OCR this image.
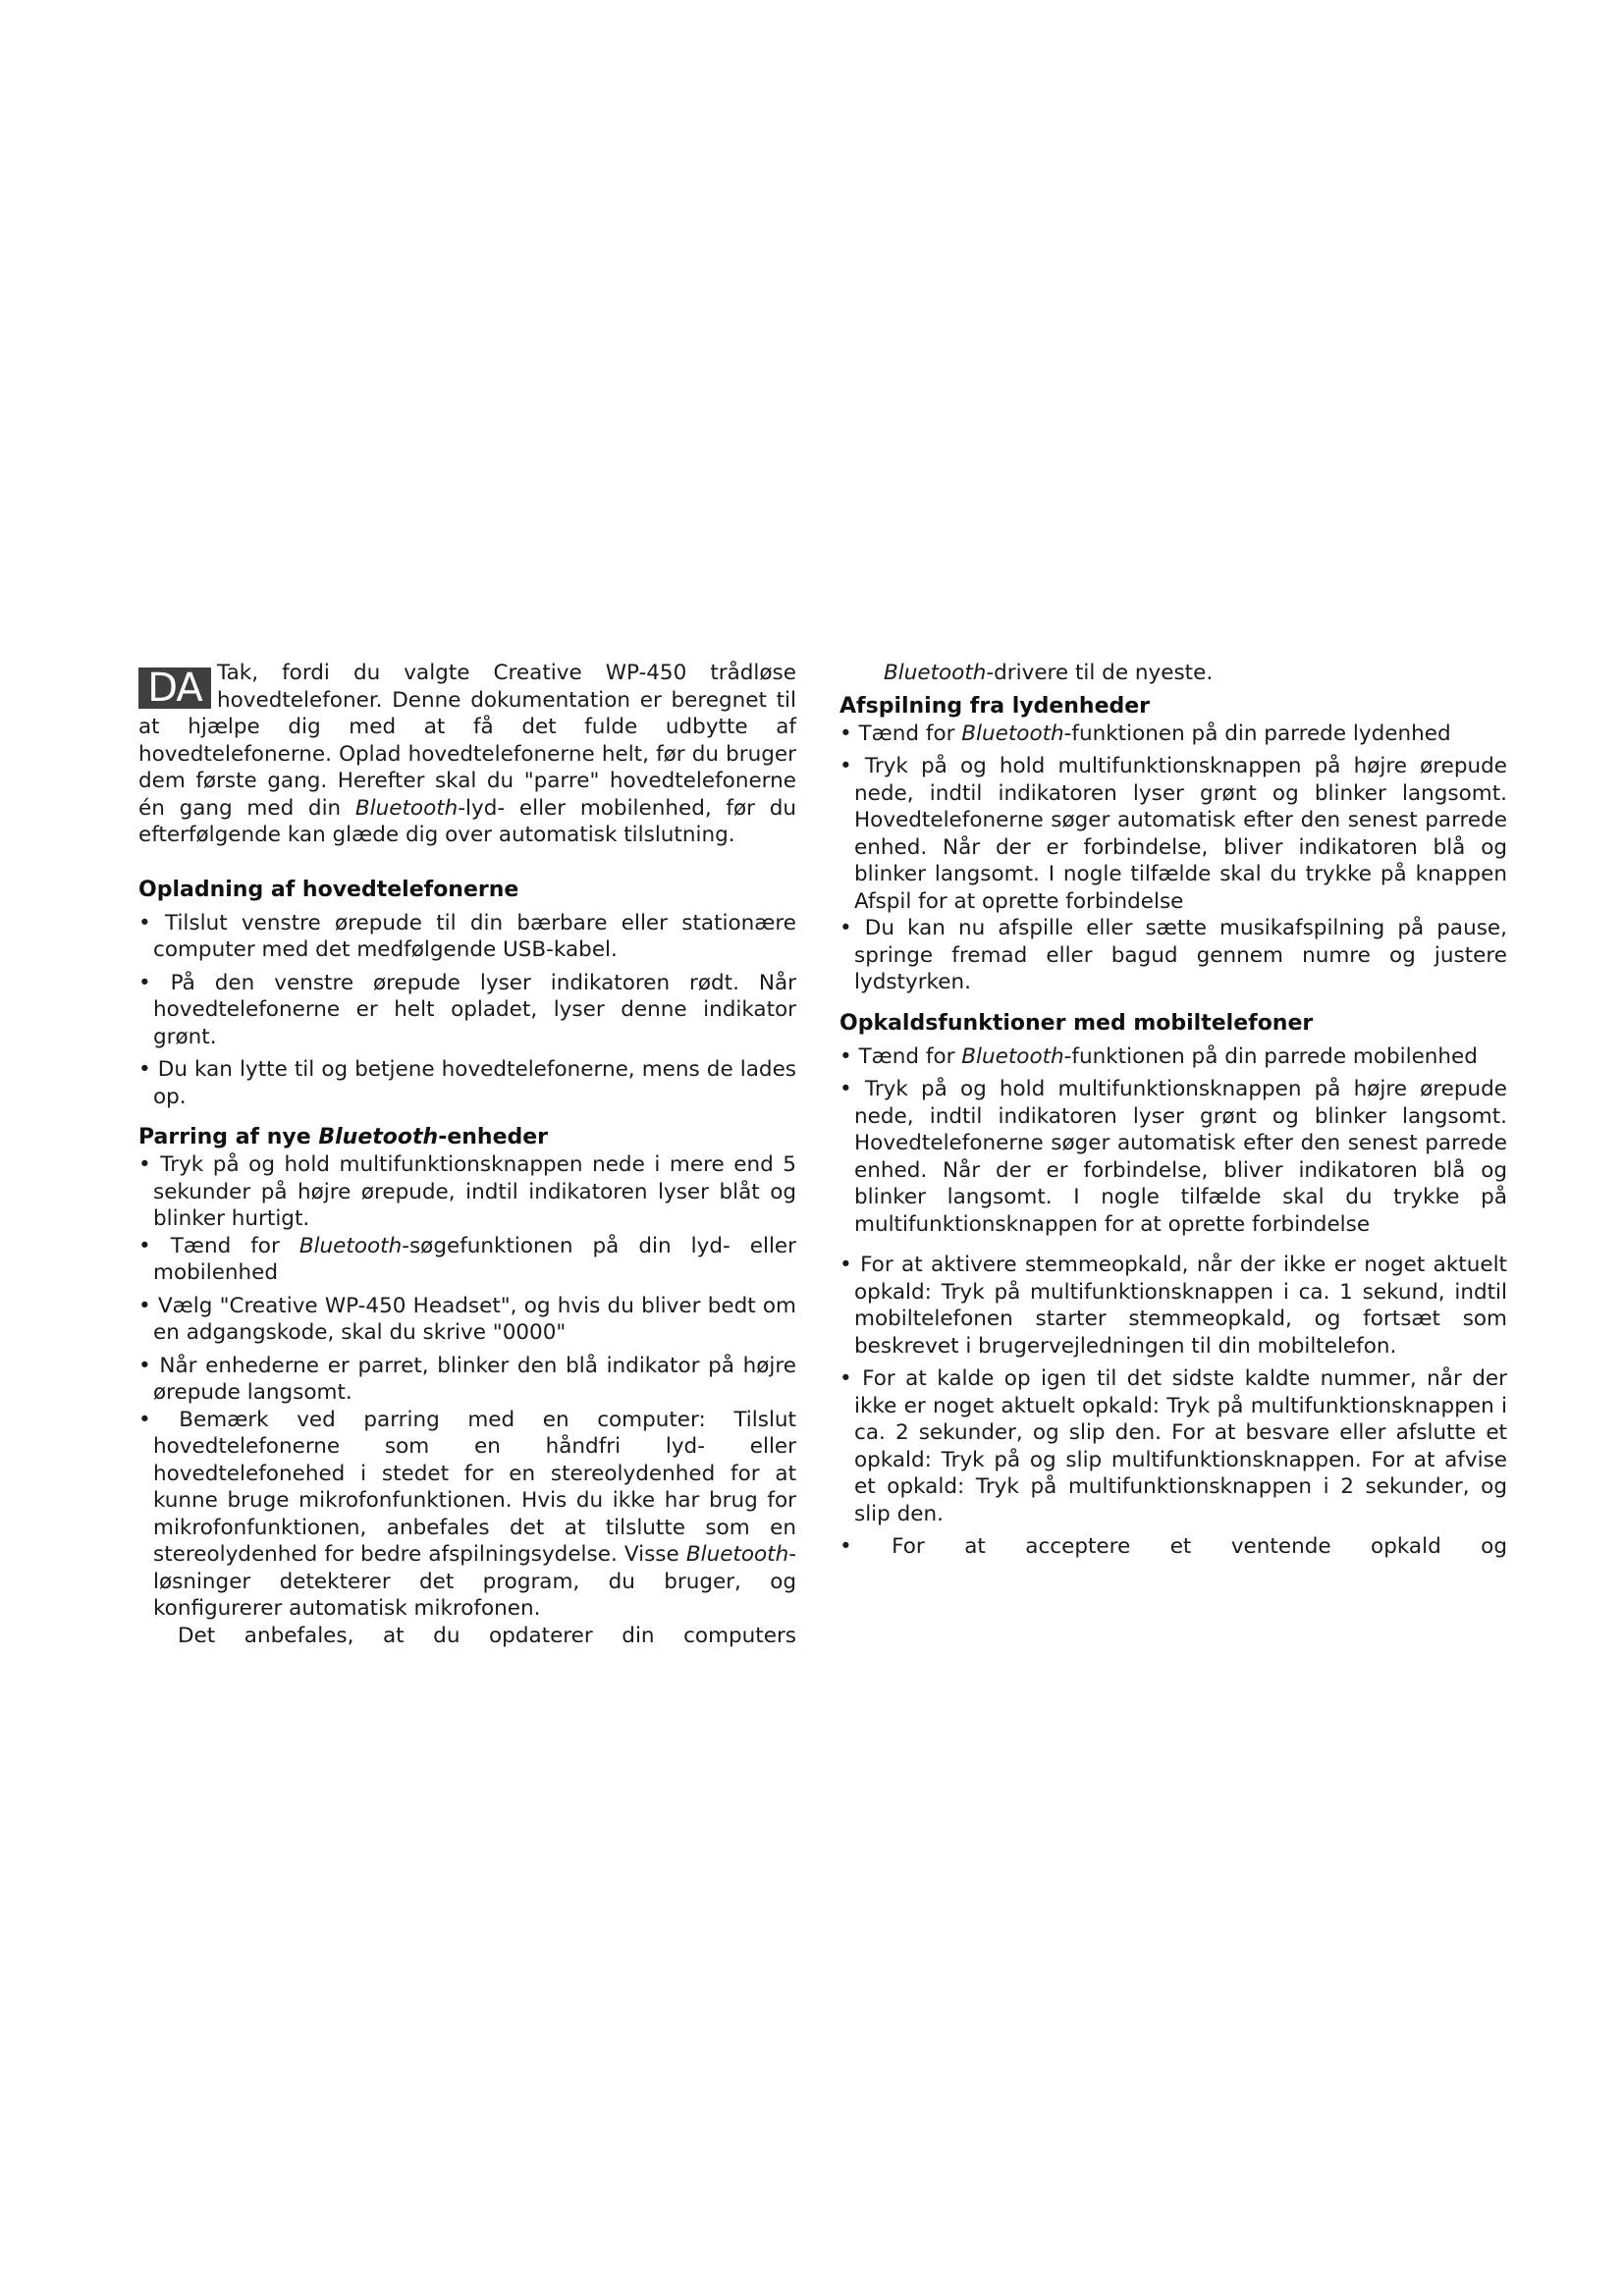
DA Tak, fordi du valgte Creative WP-450 trådløse hovedtelefoner. Denne dokumentation er beregnet til at hjælpe dig med at få det fulde udbytte af hovedtelefonerne. Oplad hovedtelefonerne helt, før du bruger dem første gang. Herefter skal du "parre" hovedtelefonerne én gang med din Bluetooth-lyd- eller mobilenhed, før du efterfølgende kan glæde dig over automatisk tilslutning.

Opladning af hovedtelefonerne

• Tilslut venstre ørepude til din bærbare eller stationære computer med det medfølgende USB-kabel.

• På den venstre ørepude lyser indikatoren rødt. Når hovedtelefonerne er helt opladet, lyser denne indikator grønt.

• Du kan lytte til og betjene hovedtelefonerne, mens de lades op.

Parring af nye Bluetooth-enheder

• Tryk på og hold multifunktionsknappen nede i mere end 5 sekunder på højre ørepude, indtil indikatoren lyser blåt og blinker hurtigt.

• Tænd for Bluetooth-søgefunktionen på din lyd- eller mobilenhed

• Vælg "Creative WP-450 Headset", og hvis du bliver bedt om en adgangskode, skal du skrive "0000"

• Når enhederne er parret, blinker den blå indikator på højre ørepude langsomt.

• Bemærk ved parring med en computer: Tilslut hovedtelefonerne som en håndfri lyd- eller hovedtelefonehed i stedet for en stereolydenhed for at kunne bruge mikrofonfunktionen. Hvis du ikke har brug for mikrofonfunktionen, anbefales det at tilslutte som en stereolydenhed for bedre afspilningsydelse. Visse Bluetooth-løsninger detekterer det program, du bruger, og konfigurerer automatisk mikrofonen.

Det anbefales, at du opdaterer din computers

Bluetooth-drivere til de nyeste.

Afspilning fra lydenheder

• Tænd for Bluetooth-funktionen på din parrede lydenhed

• Tryk på og hold multifunktionsknappen på højre ørepude nede, indtil indikatoren lyser grønt og blinker langsomt. Hovedtelefonerne søger automatisk efter den senest parrede enhed. Når der er forbindelse, bliver indikatoren blå og blinker langsomt. I nogle tilfælde skal du trykke på knappen Afspil for at oprette forbindelse

• Du kan nu afspille eller sætte musikafspilning på pause, springe fremad eller bagud gennem numre og justere lydstyrken.

Opkaldsfunktioner med mobiltelefoner

• Tænd for Bluetooth-funktionen på din parrede mobilenhed

• Tryk på og hold multifunktionsknappen på højre ørepude nede, indtil indikatoren lyser grønt og blinker langsomt. Hovedtelefonerne søger automatisk efter den senest parrede enhed. Når der er forbindelse, bliver indikatoren blå og blinker langsomt. I nogle tilfælde skal du trykke på multifunktionsknappen for at oprette forbindelse

• For at aktivere stemmeopkald, når der ikke er noget aktuelt opkald: Tryk på multifunktionsknappen i ca. 1 sekund, indtil mobiltelefonen starter stemmeopkald, og fortsæt som beskrevet i brugervejledningen til din mobiltelefon.

• For at kalde op igen til det sidste kaldte nummer, når der ikke er noget aktuelt opkald: Tryk på multifunktionsknappen i ca. 2 sekunder, og slip den. For at besvare eller afslutte et opkald: Tryk på og slip multifunktionsknappen. For at afvise et opkald: Tryk på multifunktionsknappen i 2 sekunder, og slip den.

• For at acceptere et ventende opkald og
